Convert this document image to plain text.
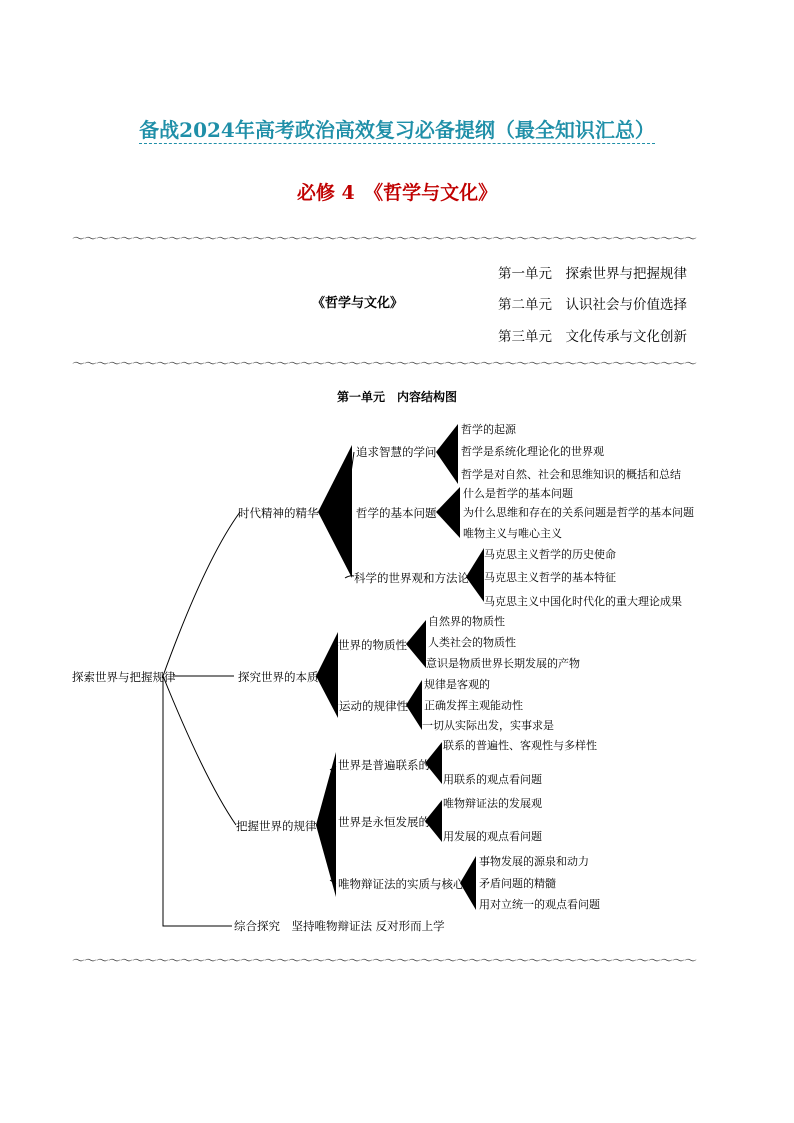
备战2024年高考政治高效复习必备提纲（最全知识汇总）
必修 4　《哲学与文化》
～～～～～～～～～～～～～～～～～～～～～～～～～～～～～～～～～～～～～～～～～～～～～～～～～～～～
《哲学与文化》
第一单元　探索世界与把握规律
第二单元　认识社会与价值选择
第三单元　文化传承与文化创新
～～～～～～～～～～～～～～～～～～～～～～～～～～～～～～～～～～～～～～～～～～～～～～～～～～～～
第一单元　内容结构图
探索世界与把握规律
时代精神的精华
探究世界的本质
把握世界的规律
追求智慧的学问
哲学的基本问题
科学的世界观和方法论
世界的物质性
运动的规律性
世界是普遍联系的
世界是永恒发展的
唯物辩证法的实质与核心
哲学的起源
哲学是系统化理论化的世界观
哲学是对自然、社会和思维知识的概括和总结
什么是哲学的基本问题
为什么思维和存在的关系问题是哲学的基本问题
唯物主义与唯心主义
马克思主义哲学的历史使命
马克思主义哲学的基本特征
马克思主义中国化时代化的重大理论成果
自然界的物质性
人类社会的物质性
意识是物质世界长期发展的产物
规律是客观的
正确发挥主观能动性
一切从实际出发，实事求是
联系的普遍性、客观性与多样性
用联系的观点看问题
唯物辩证法的发展观
用发展的观点看问题
事物发展的源泉和动力
矛盾问题的精髓
用对立统一的观点看问题
综合探究　坚持唯物辩证法 反对形而上学
～～～～～～～～～～～～～～～～～～～～～～～～～～～～～～～～～～～～～～～～～～～～～～～～～～～～
